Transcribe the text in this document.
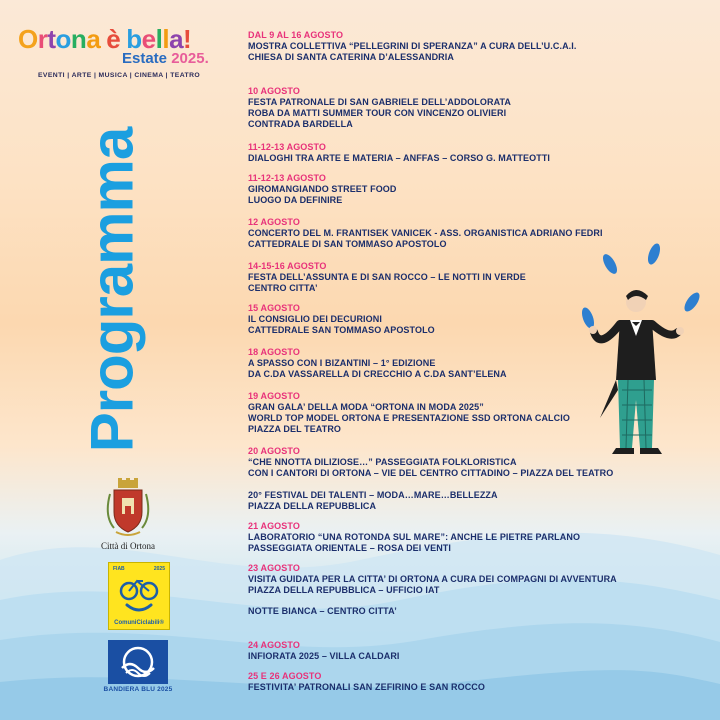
Ortona è bella!
Estate 2025.
EVENTI | ARTE | MUSICA | CINEMA | TEATRO
Programma
Città di Ortona
FIAB	2025
ComuniCiclabili®
BANDIERA BLU 2025
DAL 9 AL 16 AGOSTO
MOSTRA COLLETTIVA “PELLEGRINI DI SPERANZA” A CURA DELL’U.C.A.I.
CHIESA DI SANTA CATERINA D’ALESSANDRIA
10 AGOSTO
FESTA PATRONALE DI SAN GABRIELE DELL’ADDOLORATA
ROBA DA MATTI SUMMER TOUR CON VINCENZO OLIVIERI
CONTRADA BARDELLA
11-12-13 AGOSTO
DIALOGHI TRA ARTE E MATERIA – ANFFAS – CORSO G. MATTEOTTI
11-12-13 AGOSTO
GIROMANGIANDO STREET FOOD
LUOGO DA DEFINIRE
12 AGOSTO
CONCERTO DEL M. FRANTISEK VANICEK - ASS. ORGANISTICA ADRIANO FEDRI
CATTEDRALE DI SAN TOMMASO APOSTOLO
14-15-16 AGOSTO
FESTA DELL’ASSUNTA E DI SAN ROCCO – LE NOTTI IN VERDE
CENTRO CITTA’
15 AGOSTO
IL CONSIGLIO DEI DECURIONI
CATTEDRALE SAN TOMMASO APOSTOLO
18 AGOSTO
A SPASSO CON I BIZANTINI – 1° EDIZIONE
DA C.DA VASSARELLA DI CRECCHIO A C.DA SANT’ELENA
19 AGOSTO
GRAN GALA’ DELLA MODA “ORTONA IN MODA 2025”
WORLD TOP MODEL ORTONA E PRESENTAZIONE SSD ORTONA CALCIO
PIAZZA DEL TEATRO
20 AGOSTO
“CHE NNOTTA DILIZIOSE…” PASSEGGIATA FOLKLORISTICA
CON I CANTORI DI ORTONA – VIE DEL CENTRO CITTADINO – PIAZZA DEL TEATRO
20° FESTIVAL DEI TALENTI – MODA…MARE…BELLEZZA
PIAZZA DELLA REPUBBLICA
21 AGOSTO
LABORATORIO “UNA ROTONDA SUL MARE”: ANCHE LE PIETRE PARLANO
PASSEGGIATA ORIENTALE – ROSA DEI VENTI
23 AGOSTO
VISITA GUIDATA PER LA CITTA’ DI ORTONA A CURA DEI COMPAGNI DI AVVENTURA
PIAZZA DELLA REPUBBLICA – UFFICIO IAT
NOTTE BIANCA – CENTRO CITTA’
24 AGOSTO
INFIORATA 2025 – VILLA CALDARI
25 E 26 AGOSTO
FESTIVITA’ PATRONALI SAN ZEFIRINO E SAN ROCCO
